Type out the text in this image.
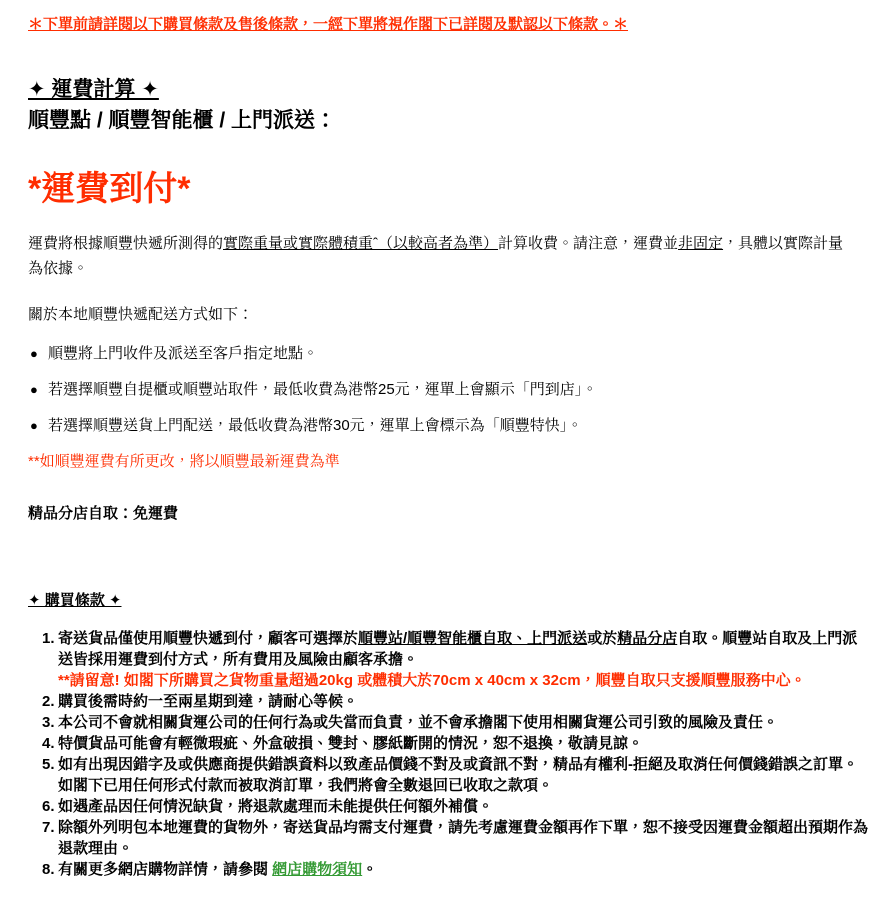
＊下單前請詳閱以下購買條款及售後條款，一經下單將視作閣下已詳閱及默認以下條款。＊

✦ 運費計算 ✦
順豐點 / 順豐智能櫃 / 上門派送：
*運費到付*

運費將根據順豐快遞所測得的實際重量或實際體積重ˆ（以較高者為準）計算收費。請注意，運費並非固定，具體以實際計量為依據。

關於本地順豐快遞配送方式如下：

● 順豐將上門收件及派送至客戶指定地點。
● 若選擇順豐自提櫃或順豐站取件，最低收費為港幣25元，運單上會顯示「門到店」。
● 若選擇順豐送貨上門配送，最低收費為港幣30元，運單上會標示為「順豐特快」。

**如順豐運費有所更改，將以順豐最新運費為準

精品分店自取：免運費

✦ 購買條款 ✦
1. 寄送貨品僅使用順豐快遞到付，顧客可選擇於順豐站/順豐智能櫃自取、上門派送或於精品分店自取。順豐站自取及上門派送皆採用運費到付方式，所有費用及風險由顧客承擔。
**請留意! 如閣下所購買之貨物重量超過20kg 或體積大於70cm x 40cm x 32cm，順豐自取只支援順豐服務中心。
2. 購買後需時約一至兩星期到達，請耐心等候。
3. 本公司不會就相關貨運公司的任何行為或失當而負責，並不會承擔閣下使用相關貨運公司引致的風險及責任。
4. 特價貨品可能會有輕微瑕疵、外盒破損、雙封、膠紙斷開的情況，恕不退換，敬請見諒。
5. 如有出現因錯字及或供應商提供錯誤資料以致產品價錢不對及或資訊不對，精品有權利-拒絕及取消任何價錢錯誤之訂單。如閣下已用任何形式付款而被取消訂單，我們將會全數退回已收取之款項。
6. 如遇產品因任何情況缺貨，將退款處理而未能提供任何額外補償。
7. 除額外列明包本地運費的貨物外，寄送貨品均需支付運費，請先考慮運費金額再作下單，恕不接受因運費金額超出預期作為退款理由。
8. 有關更多網店購物詳情，請參閱 網店購物須知。
